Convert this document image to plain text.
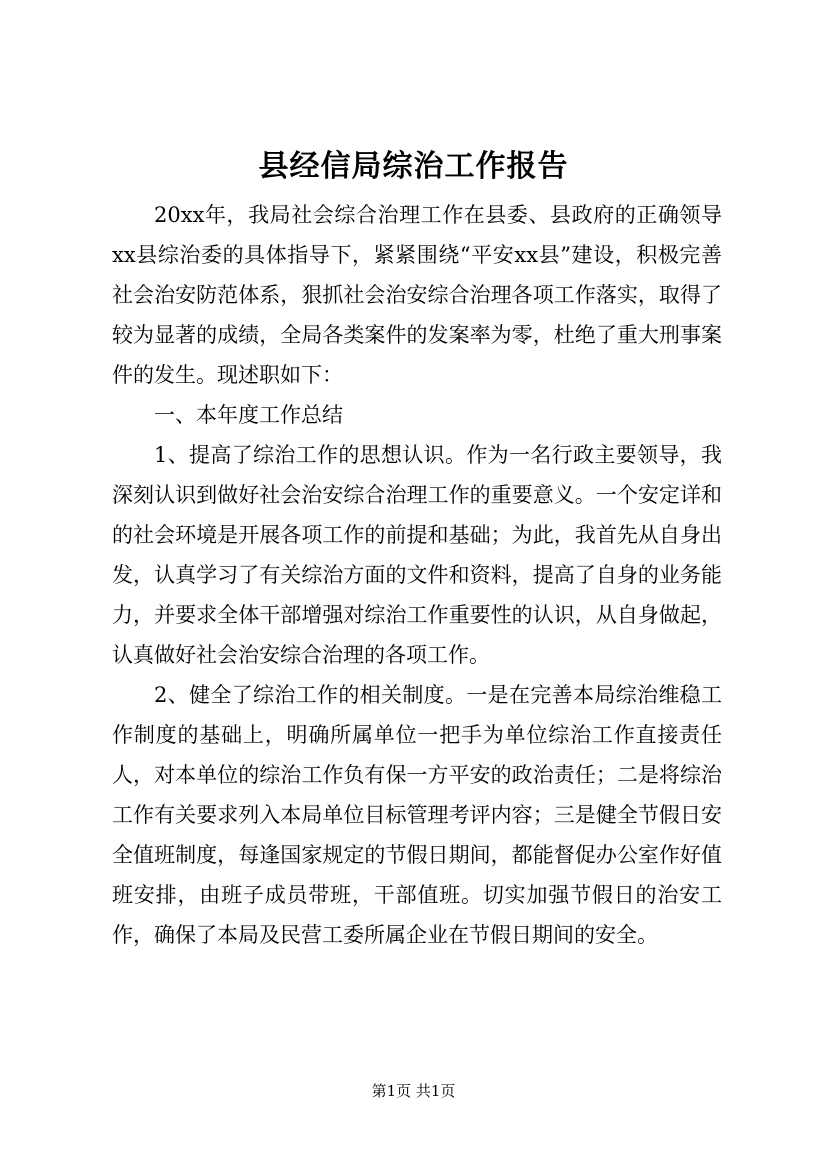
县经信局综治工作报告

20xx年，我局社会综合治理工作在县委、县政府的正确领导xx县综治委的具体指导下，紧紧围绕“平安xx县”建设，积极完善社会治安防范体系，狠抓社会治安综合治理各项工作落实，取得了较为显著的成绩，全局各类案件的发案率为零，杜绝了重大刑事案件的发生。现述职如下：

一、本年度工作总结

1、提高了综治工作的思想认识。作为一名行政主要领导，我深刻认识到做好社会治安综合治理工作的重要意义。一个安定详和的社会环境是开展各项工作的前提和基础；为此，我首先从自身出发，认真学习了有关综治方面的文件和资料，提高了自身的业务能力，并要求全体干部增强对综治工作重要性的认识，从自身做起，认真做好社会治安综合治理的各项工作。

2、健全了综治工作的相关制度。一是在完善本局综治维稳工作制度的基础上，明确所属单位一把手为单位综治工作直接责任人，对本单位的综治工作负有保一方平安的政治责任；二是将综治工作有关要求列入本局单位目标管理考评内容；三是健全节假日安全值班制度，每逢国家规定的节假日期间，都能督促办公室作好值班安排，由班子成员带班，干部值班。切实加强节假日的治安工作，确保了本局及民营工委所属企业在节假日期间的安全。

第1页 共1页
